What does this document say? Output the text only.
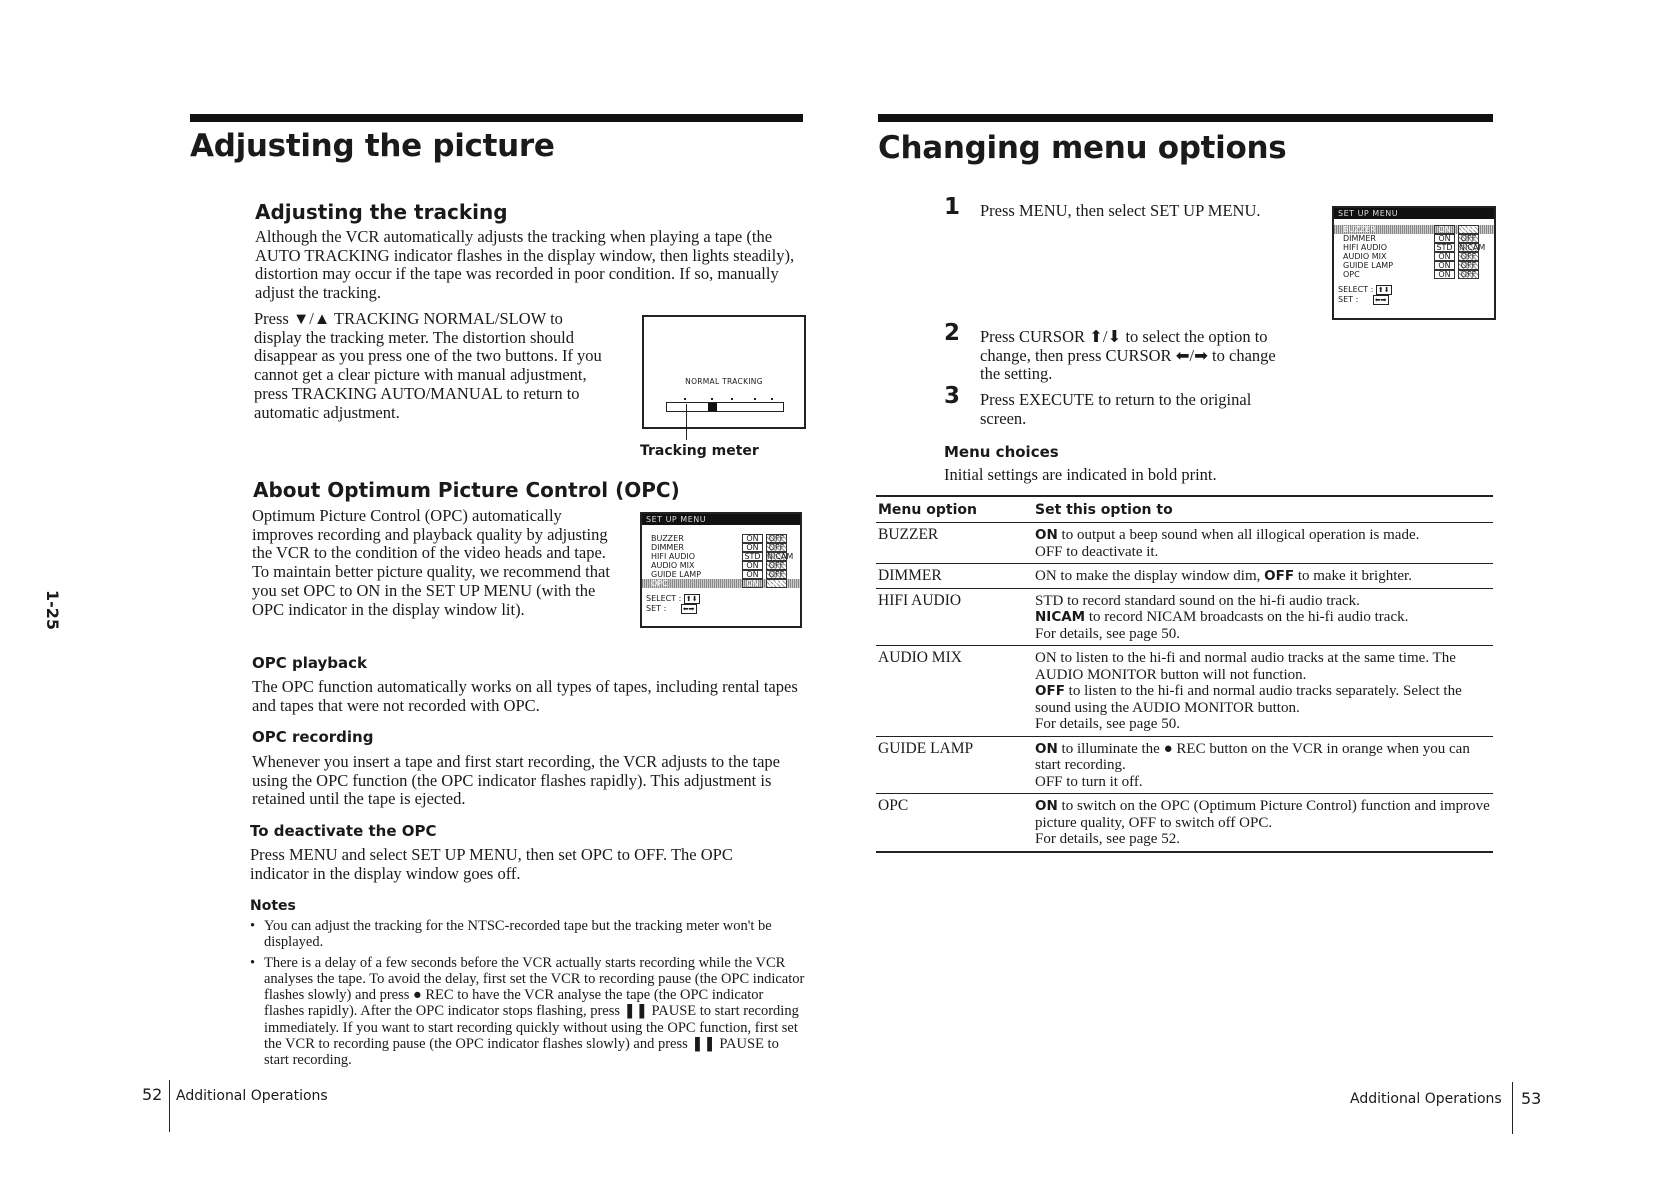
1-25
Adjusting the picture
Adjusting the tracking

Although the VCR automatically adjusts the tracking when playing a tape (the AUTO TRACKING indicator flashes in the display window, then lights steadily), distortion may occur if the tape was recorded in poor condition. If so, manually adjust the tracking.

Press ▼/▲ TRACKING NORMAL/SLOW to display the tracking meter. The distortion should disappear as you press one of the two buttons. If you cannot get a clear picture with manual adjustment, press TRACKING AUTO/MANUAL to return to automatic adjustment.

NORMAL TRACKING
Tracking meter
About Optimum Picture Control (OPC)

Optimum Picture Control (OPC) automatically improves recording and playback quality by adjusting the VCR to the condition of the video heads and tape. To maintain better picture quality, we recommend that you set OPC to ON in the SET UP MENU (with the OPC indicator in the display window lit).

SET UP MENU
BUZZER	ON	OFF
DIMMER	ON	OFF
HIFI AUDIO	STD NICAM
AUDIO MIX	ON	OFF
GUIDE LAMP	ON	OFF
OPC	ON	OFF
SELECT : ⬆⬇
SET : ⬅➡
OPC playback

The OPC function automatically works on all types of tapes, including rental tapes and tapes that were not recorded with OPC.

OPC recording

Whenever you insert a tape and first start recording, the VCR adjusts to the tape using the OPC function (the OPC indicator flashes rapidly). This adjustment is retained until the tape is ejected.

To deactivate the OPC

Press MENU and select SET UP MENU, then set OPC to OFF. The OPC indicator in the display window goes off.

Notes
• You can adjust the tracking for the NTSC-recorded tape but the tracking meter won't be displayed.
• There is a delay of a few seconds before the VCR actually starts recording while the VCR analyses the tape. To avoid the delay, first set the VCR to recording pause (the OPC indicator flashes slowly) and press ● REC to have the VCR analyse the tape (the OPC indicator flashes rapidly). After the OPC indicator stops flashing, press ❚❚ PAUSE to start recording immediately. If you want to start recording quickly without using the OPC function, first set the VCR to recording pause (the OPC indicator flashes slowly) and press ❚❚ PAUSE to start recording.
52 Additional Operations
Changing menu options
1 Press MENU, then select SET UP MENU.

2 Press CURSOR ⬆/⬇ to select the option to change, then press CURSOR ⬅/➡ to change the setting.

3 Press EXECUTE to return to the original screen.

SET UP MENU
BUZZER	ON	OFF
DIMMER	ON	OFF
HIFI AUDIO	STD NICAM
AUDIO MIX	ON	OFF
GUIDE LAMP	ON	OFF
OPC	ON	OFF
SELECT : ⬆⬇
SET : ⬅➡
Menu choices

Initial settings are indicated in bold print.

Menu option	Set this option to
BUZZER	ON to output a beep sound when all illogical operation is made.
OFF to deactivate it.

DIMMER	ON to make the display window dim, OFF to make it brighter.

HIFI AUDIO	STD to record standard sound on the hi-fi audio track.
NICAM to record NICAM broadcasts on the hi-fi audio track.
For details, see page 50.

AUDIO MIX	ON to listen to the hi-fi and normal audio tracks at the same time. The AUDIO MONITOR button will not function.
OFF to listen to the hi-fi and normal audio tracks separately. Select the sound using the AUDIO MONITOR button.
For details, see page 50.

GUIDE LAMP	ON to illuminate the ● REC button on the VCR in orange when you can start recording.
OFF to turn it off.

OPC	ON to switch on the OPC (Optimum Picture Control) function and improve picture quality, OFF to switch off OPC.
For details, see page 52.
Additional Operations 53
